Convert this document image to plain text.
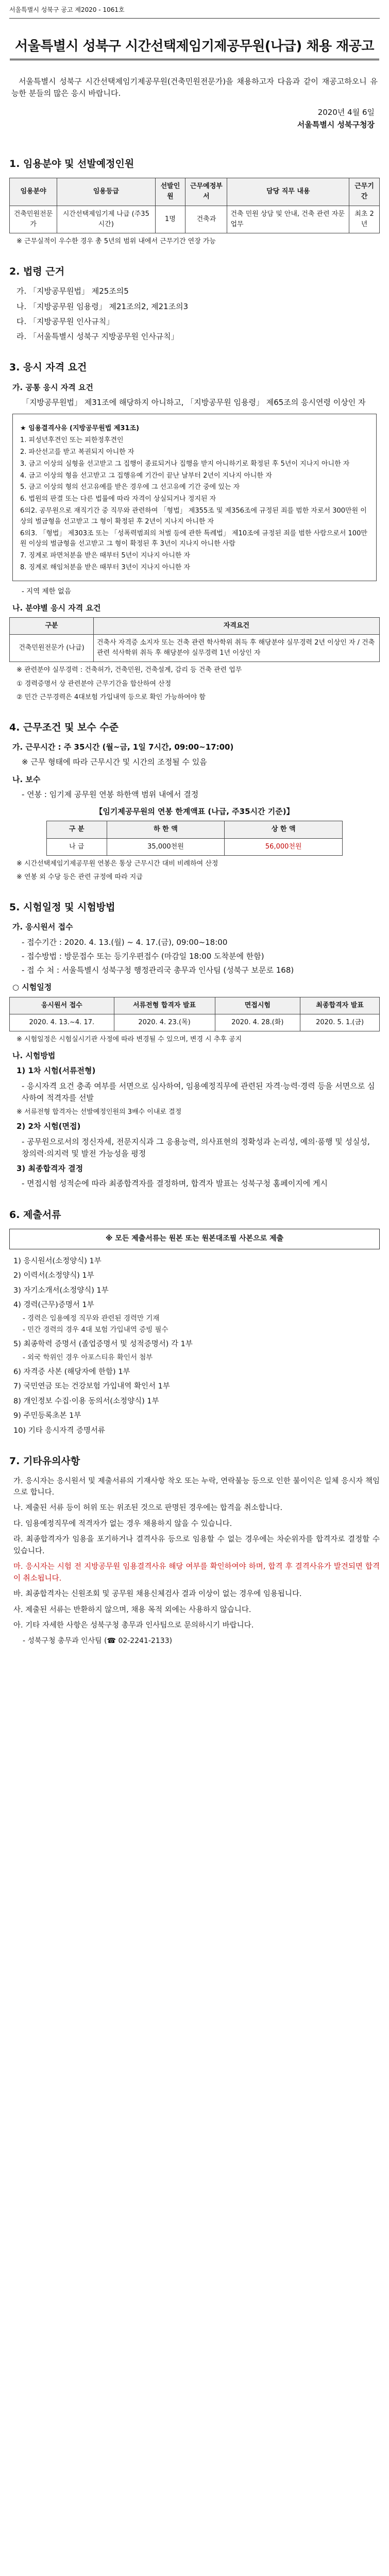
서울특별시 성북구 공고 제2020 - 1061호
서울특별시 성북구 시간선택제임기제공무원(나급) 채용 재공고
서울특별시 성북구 시간선택제임기제공무원(건축민원전문가)을 채용하고자 다음과 같이 재공고하오니 유능한 분들의 많은 응시 바랍니다.
2020년 4월 6일
서울특별시 성북구청장
1. 임용분야 및 선발예정인원
임용분야	임용등급	선발인원	근무예정부서	담당 직무 내용	근무기간
건축민원전문가	시간선택제임기제 나급 (주35시간)	1명	건축과	건축 민원 상담 및 안내, 건축 관련 자문 업무	최초 2년
※ 근무실적이 우수한 경우 총 5년의 범위 내에서 근무기간 연장 가능
2. 법령 근거
가. 「지방공무원법」 제25조의5
나. 「지방공무원 임용령」 제21조의2, 제21조의3
다. 「지방공무원 인사규칙」
라. 「서울특별시 성북구 지방공무원 인사규칙」
3. 응시 자격 요건
가. 공통 응시 자격 요건
「지방공무원법」 제31조에 해당하지 아니하고, 「지방공무원 임용령」 제65조의 응시연령 이상인 자
★ 임용결격사유 (지방공무원법 제31조)
1. 피성년후견인 또는 피한정후견인
2. 파산선고를 받고 복권되지 아니한 자
3. 금고 이상의 실형을 선고받고 그 집행이 종료되거나 집행을 받지 아니하기로 확정된 후 5년이 지나지 아니한 자
4. 금고 이상의 형을 선고받고 그 집행유예 기간이 끝난 날부터 2년이 지나지 아니한 자
5. 금고 이상의 형의 선고유예를 받은 경우에 그 선고유예 기간 중에 있는 자
6. 법원의 판결 또는 다른 법률에 따라 자격이 상실되거나 정지된 자
6의2. 공무원으로 재직기간 중 직무와 관련하여 「형법」 제355조 및 제356조에 규정된 죄를 범한 자로서 300만원 이상의 벌금형을 선고받고 그 형이 확정된 후 2년이 지나지 아니한 자
6의3. 「형법」 제303조 또는 「성폭력범죄의 처벌 등에 관한 특례법」 제10조에 규정된 죄를 범한 사람으로서 100만원 이상의 벌금형을 선고받고 그 형이 확정된 후 3년이 지나지 아니한 사람
7. 징계로 파면처분을 받은 때부터 5년이 지나지 아니한 자
8. 징계로 해임처분을 받은 때부터 3년이 지나지 아니한 자
- 지역 제한 없음
나. 분야별 응시 자격 요건
구분	자격요건
건축민원전문가 (나급)	건축사 자격증 소지자 또는 건축 관련 학사학위 취득 후 해당분야 실무경력 2년 이상인 자 / 건축 관련 석사학위 취득 후 해당분야 실무경력 1년 이상인 자
※ 관련분야 실무경력 : 건축허가, 건축민원, 건축설계, 감리 등 건축 관련 업무
① 경력증명서 상 관련분야 근무기간을 합산하여 산정
② 민간 근무경력은 4대보험 가입내역 등으로 확인 가능하여야 함
4. 근무조건 및 보수 수준
가. 근무시간 : 주 35시간 (월~금, 1일 7시간, 09:00~17:00)
※ 근무 형태에 따라 근무시간 및 시간의 조정될 수 있음
나. 보수
- 연봉 : 임기제 공무원 연봉 하한액 범위 내에서 결정
【임기제공무원의 연봉 한계액표 (나급, 주35시간 기준)】
구 분	하 한 액	상 한 액
나 급	35,000천원	56,000천원
※ 시간선택제임기제공무원 연봉은 통상 근무시간 대비 비례하여 산정
※ 연봉 외 수당 등은 관련 규정에 따라 지급
5. 시험일정 및 시험방법
가. 응시원서 접수
- 접수기간 : 2020. 4. 13.(월) ~ 4. 17.(금), 09:00~18:00
- 접수방법 : 방문접수 또는 등기우편접수 (마감일 18:00 도착분에 한함)
- 접 수 처 : 서울특별시 성북구청 행정관리국 총무과 인사팀 (성북구 보문로 168)
○ 시험일정
응시원서 접수	서류전형 합격자 발표	면접시험	최종합격자 발표
2020. 4. 13.~4. 17.	2020. 4. 23.(목)	2020. 4. 28.(화)	2020. 5. 1.(금)
※ 시험일정은 시험실시기관 사정에 따라 변경될 수 있으며, 변경 시 추후 공지
나. 시험방법
1) 1차 시험(서류전형)
- 응시자격 요건 충족 여부를 서면으로 심사하여, 임용예정직무에 관련된 자격·능력·경력 등을 서면으로 심사하여 적격자를 선발
※ 서류전형 합격자는 선발예정인원의 3배수 이내로 결정
2) 2차 시험(면접)
- 공무원으로서의 정신자세, 전문지식과 그 응용능력, 의사표현의 정확성과 논리성, 예의·품행 및 성실성, 창의력·의지력 및 발전 가능성을 평정
3) 최종합격자 결정
- 면접시험 성적순에 따라 최종합격자를 결정하며, 합격자 발표는 성북구청 홈페이지에 게시
6. 제출서류
※ 모든 제출서류는 원본 또는 원본대조필 사본으로 제출
1) 응시원서(소정양식) 1부
2) 이력서(소정양식) 1부
3) 자기소개서(소정양식) 1부
4) 경력(근무)증명서 1부
- 경력은 임용예정 직무와 관련된 경력만 기재
- 민간 경력의 경우 4대 보험 가입내역 증빙 필수
5) 최종학력 증명서 (졸업증명서 및 성적증명서) 각 1부
- 외국 학위인 경우 아포스티유 확인서 첨부
6) 자격증 사본 (해당자에 한함) 1부
7) 국민연금 또는 건강보험 가입내역 확인서 1부
8) 개인정보 수집·이용 동의서(소정양식) 1부
9) 주민등록초본 1부
10) 기타 응시자격 증명서류
7. 기타유의사항
가. 응시자는 응시원서 및 제출서류의 기재사항 착오 또는 누락, 연락불능 등으로 인한 불이익은 일체 응시자 책임으로 합니다.
나. 제출된 서류 등이 허위 또는 위조된 것으로 판명된 경우에는 합격을 취소합니다.
다. 임용예정직무에 적격자가 없는 경우 채용하지 않을 수 있습니다.
라. 최종합격자가 임용을 포기하거나 결격사유 등으로 임용할 수 없는 경우에는 차순위자를 합격자로 결정할 수 있습니다.
마. 응시자는 시험 전 지방공무원 임용결격사유 해당 여부를 확인하여야 하며, 합격 후 결격사유가 발견되면 합격이 취소됩니다.
바. 최종합격자는 신원조회 및 공무원 채용신체검사 결과 이상이 없는 경우에 임용됩니다.
사. 제출된 서류는 반환하지 않으며, 채용 목적 외에는 사용하지 않습니다.
아. 기타 자세한 사항은 성북구청 총무과 인사팀으로 문의하시기 바랍니다.
- 성북구청 총무과 인사팀 (☎ 02-2241-2133)
